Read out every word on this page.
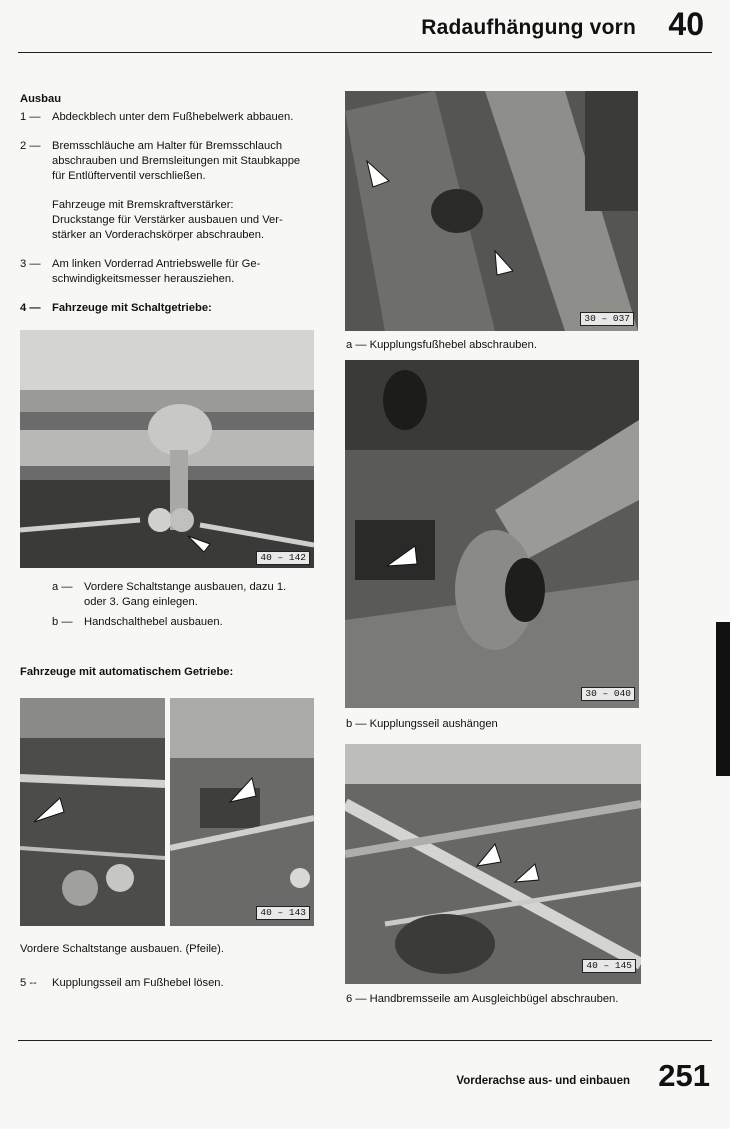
Radaufhängung vorn 40
Ausbau
1 —	Abdeckblech unter dem Fußhebelwerk abbauen.
2 —	Bremsschläuche am Halter für Bremsschlauch
abschrauben und Bremsleitungen mit Staubkappe
für Entlüfterventil verschließen.
Fahrzeuge mit Bremskraftverstärker:
Druckstange für Verstärker ausbauen und Ver-
stärker an Vorderachskörper abschrauben.
3 —	Am linken Vorderrad Antriebswelle für Ge-
schwindigkeitsmesser herausziehen.
4 —	Fahrzeuge mit Schaltgetriebe:
40 – 142
a —	Vordere Schaltstange ausbauen, dazu 1.
oder 3. Gang einlegen.
b —	Handschalthebel ausbauen.
Fahrzeuge mit automatischem Getriebe:
40 – 143
Vordere Schaltstange ausbauen. (Pfeile).
5 --	Kupplungsseil am Fußhebel lösen.
30 – 037
a — Kupplungsfußhebel abschrauben.
30 – 040
b — Kupplungsseil aushängen
40 – 145
6 — Handbremsseile am Ausgleichbügel abschrauben.
Vorderachse aus- und einbauen 251
